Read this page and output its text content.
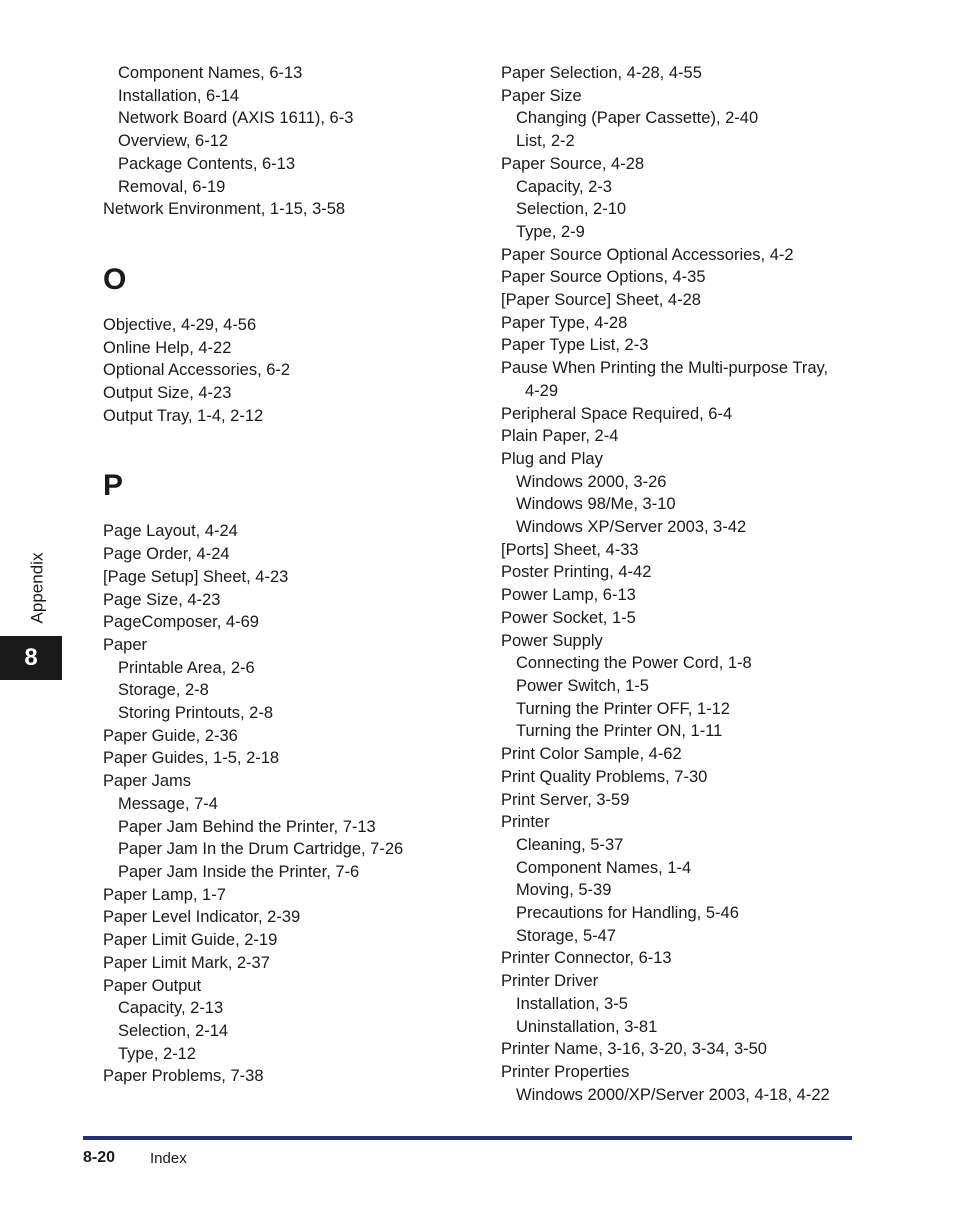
Component Names, 6-13
Installation, 6-14
Network Board (AXIS 1611), 6-3
Overview, 6-12
Package Contents, 6-13
Removal, 6-19
Network Environment, 1-15, 3-58
O
Objective, 4-29, 4-56
Online Help, 4-22
Optional Accessories, 6-2
Output Size, 4-23
Output Tray, 1-4, 2-12
P
Page Layout, 4-24
Page Order, 4-24
[Page Setup] Sheet, 4-23
Page Size, 4-23
PageComposer, 4-69
Paper
Printable Area, 2-6
Storage, 2-8
Storing Printouts, 2-8
Paper Guide, 2-36
Paper Guides, 1-5, 2-18
Paper Jams
Message, 7-4
Paper Jam Behind the Printer, 7-13
Paper Jam In the Drum Cartridge, 7-26
Paper Jam Inside the Printer, 7-6
Paper Lamp, 1-7
Paper Level Indicator, 2-39
Paper Limit Guide, 2-19
Paper Limit Mark, 2-37
Paper Output
Capacity, 2-13
Selection, 2-14
Type, 2-12
Paper Problems, 7-38
Paper Selection, 4-28, 4-55
Paper Size
Changing (Paper Cassette), 2-40
List, 2-2
Paper Source, 4-28
Capacity, 2-3
Selection, 2-10
Type, 2-9
Paper Source Optional Accessories, 4-2
Paper Source Options, 4-35
[Paper Source] Sheet, 4-28
Paper Type, 4-28
Paper Type List, 2-3
Pause When Printing the Multi-purpose Tray,
4-29
Peripheral Space Required, 6-4
Plain Paper, 2-4
Plug and Play
Windows 2000, 3-26
Windows 98/Me, 3-10
Windows XP/Server 2003, 3-42
[Ports] Sheet, 4-33
Poster Printing, 4-42
Power Lamp, 6-13
Power Socket, 1-5
Power Supply
Connecting the Power Cord, 1-8
Power Switch, 1-5
Turning the Printer OFF, 1-12
Turning the Printer ON, 1-11
Print Color Sample, 4-62
Print Quality Problems, 7-30
Print Server, 3-59
Printer
Cleaning, 5-37
Component Names, 1-4
Moving, 5-39
Precautions for Handling, 5-46
Storage, 5-47
Printer Connector, 6-13
Printer Driver
Installation, 3-5
Uninstallation, 3-81
Printer Name, 3-16, 3-20, 3-34, 3-50
Printer Properties
Windows 2000/XP/Server 2003, 4-18, 4-22
Appendix
8
8-20 Index
